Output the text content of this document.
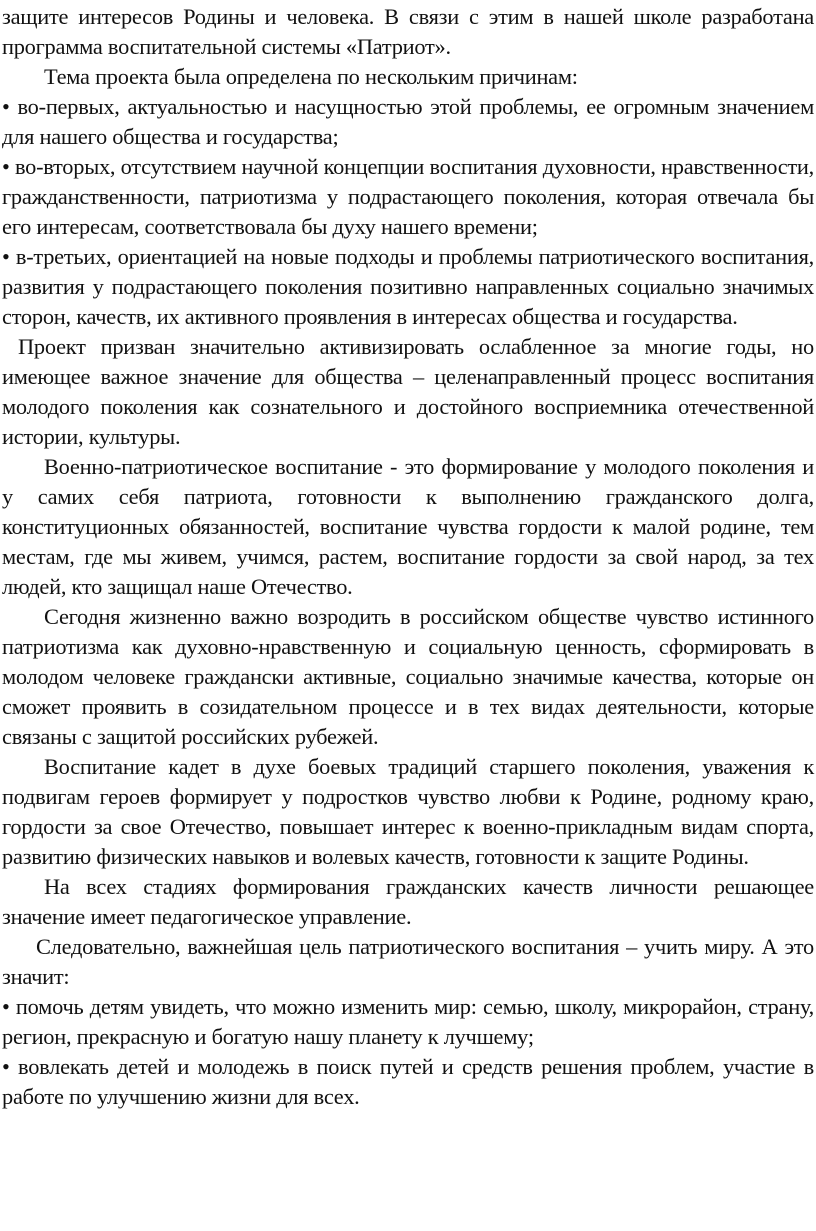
защите интересов Родины и человека. В связи с этим в нашей школе разработана программа воспитательной системы «Патриот».

Тема проекта была определена по нескольким причинам:

• во-первых, актуальностью и насущностью этой проблемы, ее огромным значением для нашего общества и государства;

• во-вторых, отсутствием научной концепции воспитания духовности, нравственности, гражданственности, патриотизма у подрастающего поколения, которая отвечала бы его интересам, соответствовала бы духу нашего времени;

• в-третьих, ориентацией на новые подходы и проблемы патриотического воспитания, развития у подрастающего поколения позитивно направленных социально значимых сторон, качеств, их активного проявления в интересах общества и государства.

Проект призван значительно активизировать ослабленное за многие годы, но имеющее важное значение для общества – целенаправленный процесс воспитания молодого поколения как сознательного и достойного восприемника отечественной истории, культуры.

Военно-патриотическое воспитание - это формирование у молодого поколения и у самих себя патриота, готовности к выполнению гражданского долга, конституционных обязанностей, воспитание чувства гордости к малой родине, тем местам, где мы живем, учимся, растем, воспитание гордости за свой народ, за тех людей, кто защищал наше Отечество.

Сегодня жизненно важно возродить в российском обществе чувство истинного патриотизма как духовно-нравственную и социальную ценность, сформировать в молодом человеке граждански активные, социально значимые качества, которые он сможет проявить в созидательном процессе и в тех видах деятельности, которые связаны с защитой российских рубежей.

Воспитание кадет в духе боевых традиций старшего поколения, уважения к подвигам героев формирует у подростков чувство любви к Родине, родному краю, гордости за свое Отечество, повышает интерес к военно-прикладным видам спорта, развитию физических навыков и волевых качеств, готовности к защите Родины.

На всех стадиях формирования гражданских качеств личности решающее значение имеет педагогическое управление.

Следовательно, важнейшая цель патриотического воспитания – учить миру. А это значит:

• помочь детям увидеть, что можно изменить мир: семью, школу, микрорайон, страну, регион, прекрасную и богатую нашу планету к лучшему;

• вовлекать детей и молодежь в поиск путей и средств решения проблем, участие в работе по улучшению жизни для всех.
